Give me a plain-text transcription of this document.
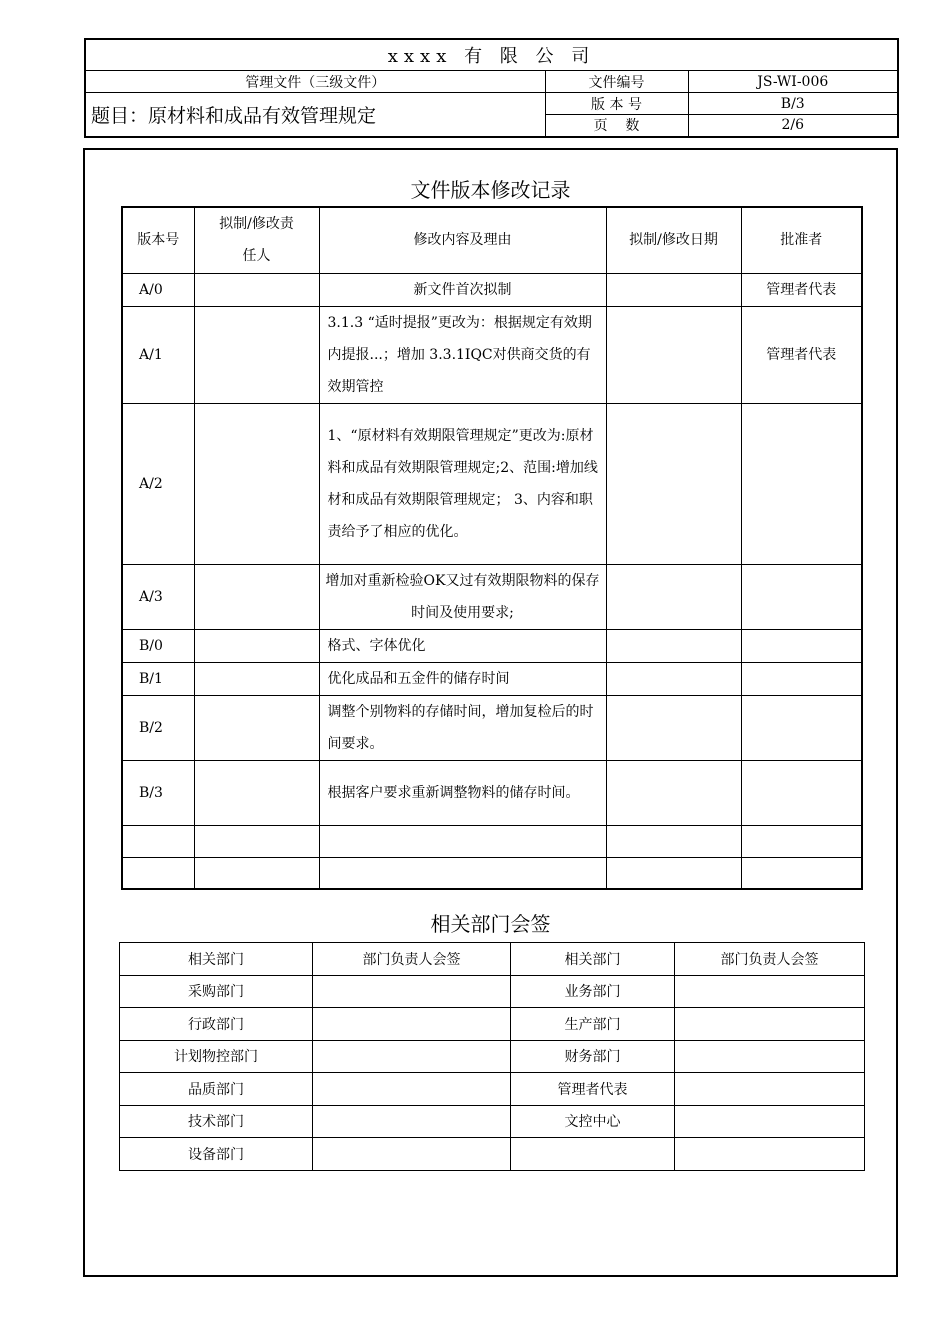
xxxx 有 限 公 司		
管理文件（三级文件）	文件编号	JS-WI-006
题目：原材料和成品有效管理规定	版 本 号	B/3
	页    数	2/6
文件版本修改记录
版本号	拟制/修改责任人	修改内容及理由	拟制/修改日期	批准者
A/0		新文件首次拟制		管理者代表
A/1		3.1.3 “适时提报”更改为：根据规定有效期内提报...；增加 3.3.1IQC对供商交货的有效期管控		管理者代表
A/2		1、“原材料有效期限管理规定”更改为:原材料和成品有效期限管理规定;2、范围:增加线材和成品有效期限管理规定； 3、内容和职责给予了相应的优化。		
A/3		增加对重新检验OK又过有效期限物料的保存时间及使用要求;		
B/0		格式、字体优化		
B/1		优化成品和五金件的储存时间		
B/2		调整个别物料的存储时间，增加复检后的时间要求。		
B/3		根据客户要求重新调整物料的储存时间。		

相关部门会签
相关部门	部门负责人会签	相关部门	部门负责人会签
采购部门		业务部门	
行政部门		生产部门	
计划物控部门		财务部门	
品质部门		管理者代表	
技术部门		文控中心	
设备部门			
